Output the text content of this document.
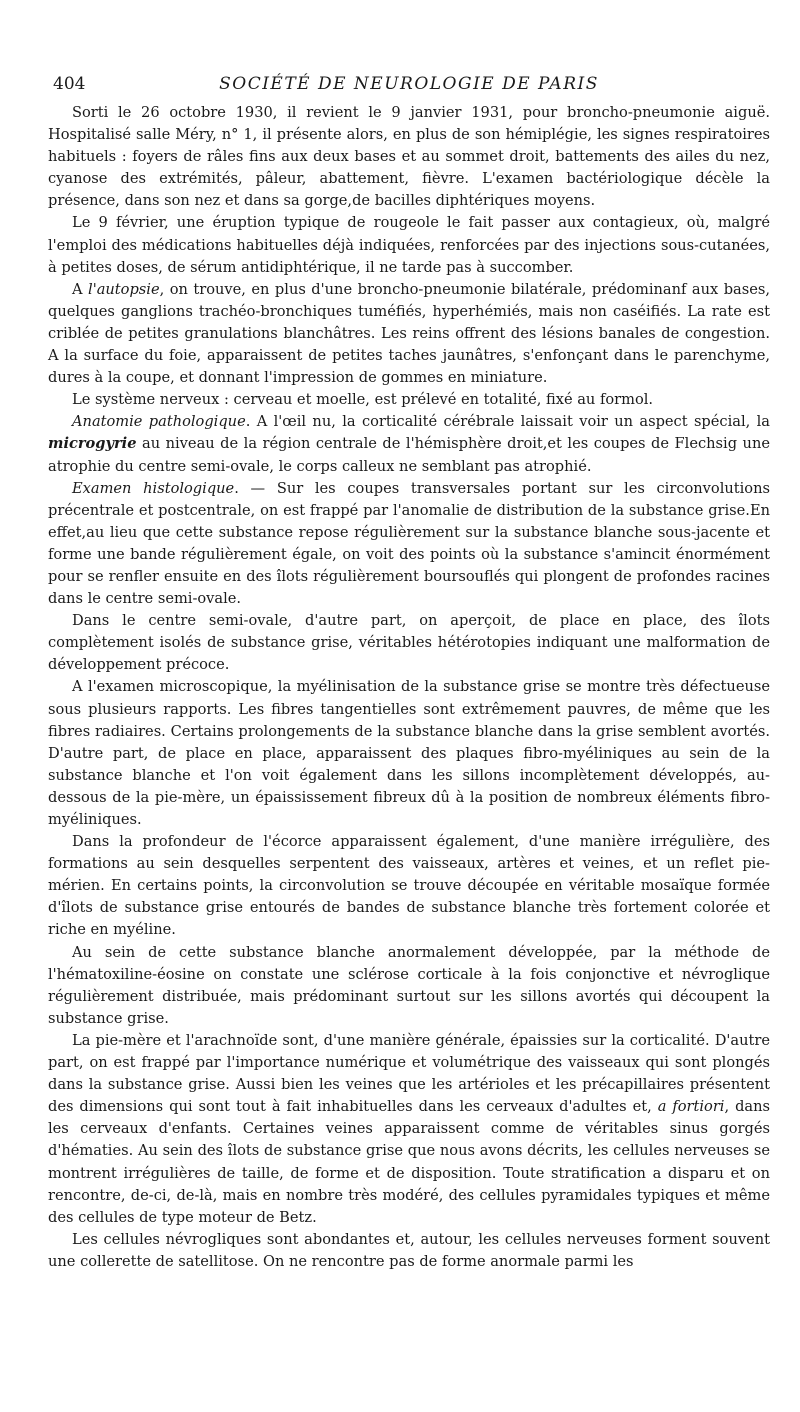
404	SOCIÉTÉ DE NEUROLOGIE DE PARIS

Sorti le 26 octobre 1930, il revient le 9 janvier 1931, pour broncho-pneumonie aiguë. Hospitalisé salle Méry, n° 1, il présente alors, en plus de son hémiplégie, les signes respiratoires habituels : foyers de râles fins aux deux bases et au sommet droit, battements des ailes du nez, cyanose des extrémités, pâleur, abattement, fièvre. L'examen bactériologique décèle la présence, dans son nez et dans sa gorge,de bacilles diphtériques moyens.

Le 9 février, une éruption typique de rougeole le fait passer aux contagieux, où, malgré l'emploi des médications habituelles déjà indiquées, renforcées par des injections sous-cutanées, à petites doses, de sérum antidiphtérique, il ne tarde pas à succomber.

A l'autopsie, on trouve, en plus d'une broncho-pneumonie bilatérale, prédominanf aux bases, quelques ganglions trachéo-bronchiques tuméfiés, hyperhémiés, mais non caséifiés. La rate est criblée de petites granulations blanchâtres. Les reins offrent des lésions banales de congestion. A la surface du foie, apparaissent de petites taches jaunâtres, s'enfonçant dans le parenchyme, dures à la coupe, et donnant l'impression de gommes en miniature.

Le système nerveux : cerveau et moelle, est prélevé en totalité, fixé au formol.

Anatomie pathologique. A l'œil nu, la corticalité cérébrale laissait voir un aspect spécial, la microgyrie au niveau de la région centrale de l'hémisphère droit,et les coupes de Flechsig une atrophie du centre semi-ovale, le corps calleux ne semblant pas atrophié.

Examen histologique. — Sur les coupes transversales portant sur les circonvolutions précentrale et postcentrale, on est frappé par l'anomalie de distribution de la substance grise.En effet,au lieu que cette substance repose régulièrement sur la substance blanche sous-jacente et forme une bande régulièrement égale, on voit des points où la substance s'amincit énormément pour se renfler ensuite en des îlots régulièrement boursouflés qui plongent de profondes racines dans le centre semi-ovale.

Dans le centre semi-ovale, d'autre part, on aperçoit, de place en place, des îlots complètement isolés de substance grise, véritables hétérotopies indiquant une malformation de développement précoce.

A l'examen microscopique, la myélinisation de la substance grise se montre très défectueuse sous plusieurs rapports. Les fibres tangentielles sont extrêmement pauvres, de même que les fibres radiaires. Certains prolongements de la substance blanche dans la grise semblent avortés. D'autre part, de place en place, apparaissent des plaques fibro-myéliniques au sein de la substance blanche et l'on voit également dans les sillons incomplètement développés, au-dessous de la pie-mère, un épaississement fibreux dû à la position de nombreux éléments fibro-myéliniques.

Dans la profondeur de l'écorce apparaissent également, d'une manière irrégulière, des formations au sein desquelles serpentent des vaisseaux, artères et veines, et un reflet pie-mérien. En certains points, la circonvolution se trouve découpée en véritable mosaïque formée d'îlots de substance grise entourés de bandes de substance blanche très fortement colorée et riche en myéline.

Au sein de cette substance blanche anormalement développée, par la méthode de l'hématoxiline-éosine on constate une sclérose corticale à la fois conjonctive et névroglique régulièrement distribuée, mais prédominant surtout sur les sillons avortés qui découpent la substance grise.

La pie-mère et l'arachnoïde sont, d'une manière générale, épaissies sur la corticalité. D'autre part, on est frappé par l'importance numérique et volumétrique des vaisseaux qui sont plongés dans la substance grise. Aussi bien les veines que les artérioles et les précapillaires présentent des dimensions qui sont tout à fait inhabituelles dans les cerveaux d'adultes et, a fortiori, dans les cerveaux d'enfants. Certaines veines apparaissent comme de véritables sinus gorgés d'hématies. Au sein des îlots de substance grise que nous avons décrits, les cellules nerveuses se montrent irrégulières de taille, de forme et de disposition. Toute stratification a disparu et on rencontre, de-ci, de-là, mais en nombre très modéré, des cellules pyramidales typiques et même des cellules de type moteur de Betz.

Les cellules névrogliques sont abondantes et, autour, les cellules nerveuses forment souvent une collerette de satellitose. On ne rencontre pas de forme anormale parmi les
